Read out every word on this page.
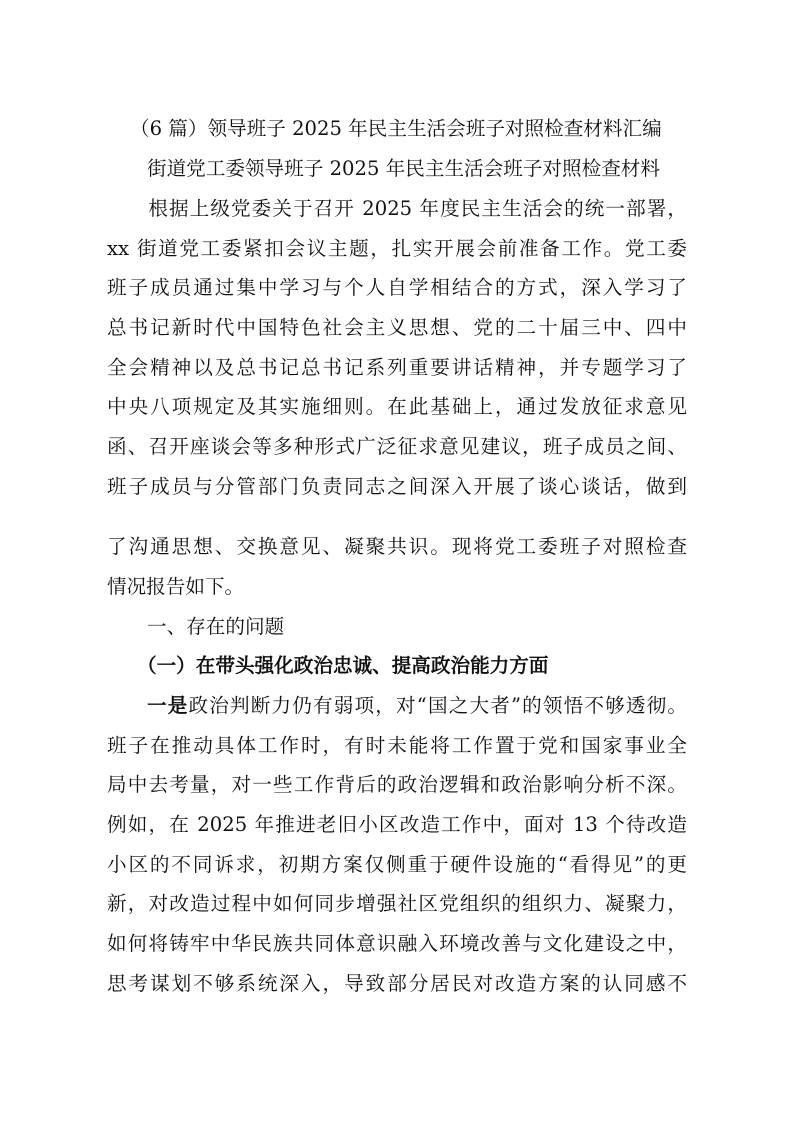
（6 篇）领导班子 2025 年民主生活会班子对照检查材料汇编
街道党工委领导班子 2025 年民主生活会班子对照检查材料
　　根据上级党委关于召开 2025 年度民主生活会的统一部署，
xx 街道党工委紧扣会议主题，扎实开展会前准备工作。党工委
班子成员通过集中学习与个人自学相结合的方式，深入学习了
总书记新时代中国特色社会主义思想、党的二十届三中、四中
全会精神以及总书记总书记系列重要讲话精神，并专题学习了
中央八项规定及其实施细则。在此基础上，通过发放征求意见
函、召开座谈会等多种形式广泛征求意见建议，班子成员之间、
班子成员与分管部门负责同志之间深入开展了谈心谈话，做到
了沟通思想、交换意见、凝聚共识。现将党工委班子对照检查
情况报告如下。
一、存在的问题
（一）在带头强化政治忠诚、提高政治能力方面
一是政治判断力仍有弱项，对“国之大者”的领悟不够透彻。
班子在推动具体工作时，有时未能将工作置于党和国家事业全
局中去考量，对一些工作背后的政治逻辑和政治影响分析不深。
例如，在 2025 年推进老旧小区改造工作中，面对 13 个待改造
小区的不同诉求，初期方案仅侧重于硬件设施的“看得见”的更
新，对改造过程中如何同步增强社区党组织的组织力、凝聚力，
如何将铸牢中华民族共同体意识融入环境改善与文化建设之中，
思考谋划不够系统深入，导致部分居民对改造方案的认同感不
